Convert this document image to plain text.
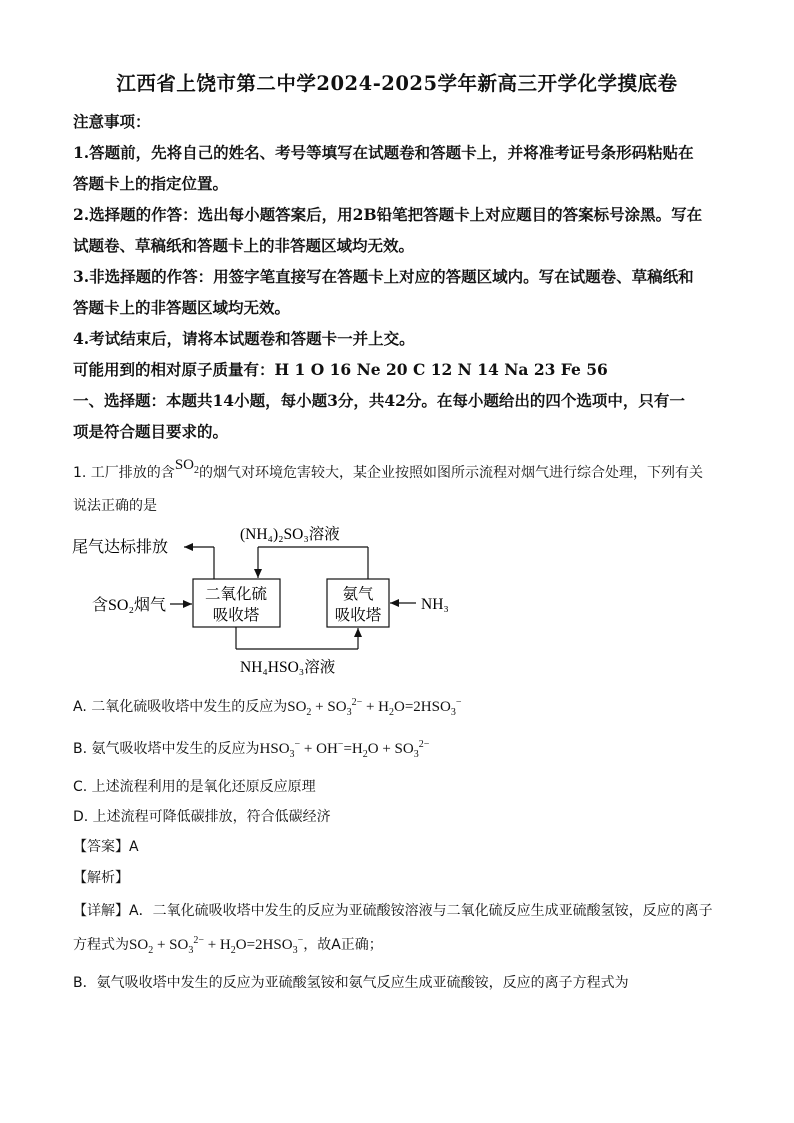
江西省上饶市第二中学2024-2025学年新高三开学化学摸底卷
注意事项：
1.答题前，先将自己的姓名、考号等填写在试题卷和答题卡上，并将准考证号条形码粘贴在
答题卡上的指定位置。
2.选择题的作答：选出每小题答案后，用2B铅笔把答题卡上对应题目的答案标号涂黑。写在
试题卷、草稿纸和答题卡上的非答题区域均无效。
3.非选择题的作答：用签字笔直接写在答题卡上对应的答题区域内。写在试题卷、草稿纸和
答题卡上的非答题区域均无效。
4.考试结束后，请将本试题卷和答题卡一并上交。
可能用到的相对原子质量有：H 1 O 16 Ne 20 C 12 N 14 Na 23 Fe 56
一、选择题：本题共14小题，每小题3分，共42分。在每小题给出的四个选项中，只有一
项是符合题目要求的。
1. 工厂排放的含$SO_2$的烟气对环境危害较大，某企业按照如图所示流程对烟气进行综合处理，下列有关
说法正确的是
二氧化硫
吸收塔
氨气
吸收塔
尾气达标排放
含SO₂烟气
(NH₄)₂SO₃溶液
NH₄HSO₃溶液
NH₃
A. 二氧化硫吸收塔中发生的反应为$SO_2 + SO_3^{2-} + H_2O=2HSO_3^-$
B. 氨气吸收塔中发生的反应为$HSO_3^- + OH^-=H_2O + SO_3^{2-}$
C. 上述流程利用的是氧化还原反应原理
D. 上述流程可降低碳排放，符合低碳经济
【答案】A
【解析】
【详解】A．二氧化硫吸收塔中发生的反应为亚硫酸铵溶液与二氧化硫反应生成亚硫酸氢铵，反应的离子
方程式为$SO_2 + SO_3^{2-} + H_2O=2HSO_3^-$，故A正确；
B．氨气吸收塔中发生的反应为亚硫酸氢铵和氨气反应生成亚硫酸铵，反应的离子方程式为
